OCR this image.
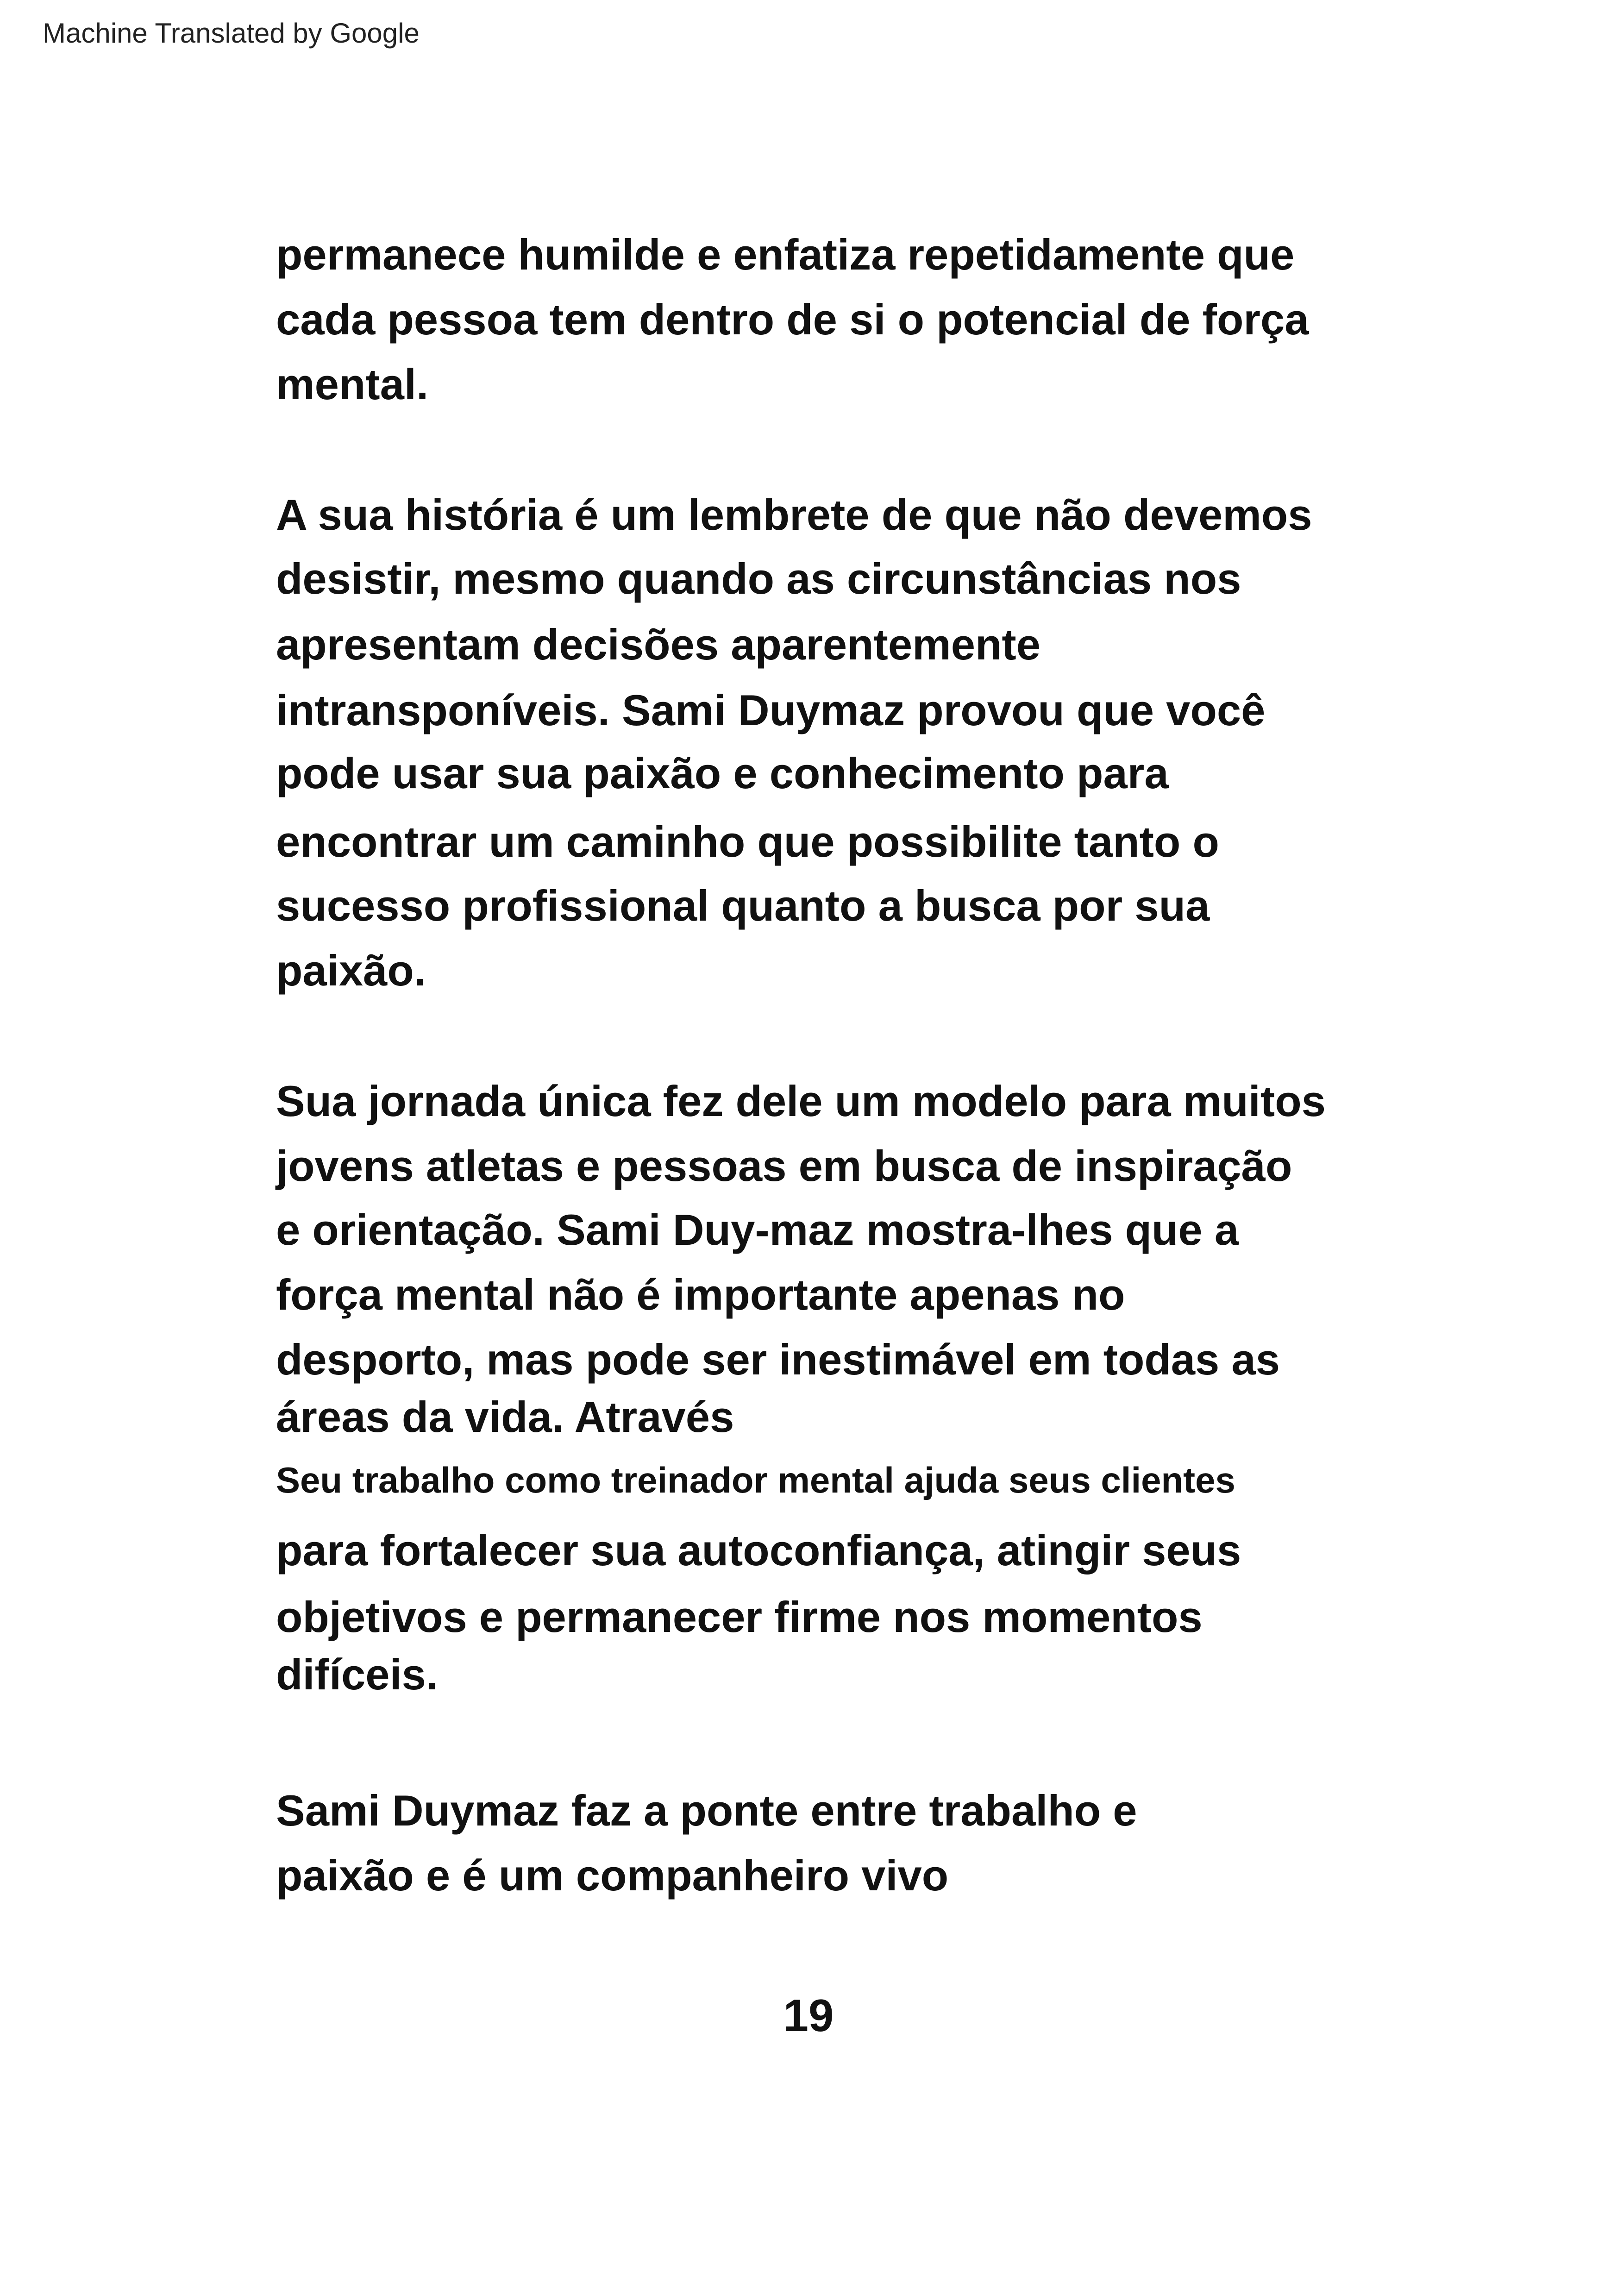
Machine Translated by Google

permanece humilde e enfatiza repetidamente que

cada pessoa tem dentro de si o potencial de força

mental.

A sua história é um lembrete de que não devemos

desistir, mesmo quando as circunstâncias nos

apresentam decisões aparentemente

intransponíveis. Sami Duymaz provou que você

pode usar sua paixão e conhecimento para

encontrar um caminho que possibilite tanto o

sucesso profissional quanto a busca por sua

paixão.

Sua jornada única fez dele um modelo para muitos

jovens atletas e pessoas em busca de inspiração

e orientação. Sami Duy-maz mostra-lhes que a

força mental não é importante apenas no

desporto, mas pode ser inestimável em todas as

áreas da vida. Através

Seu trabalho como treinador mental ajuda seus clientes

para fortalecer sua autoconfiança, atingir seus

objetivos e permanecer firme nos momentos

difíceis.

Sami Duymaz faz a ponte entre trabalho e

paixão e é um companheiro vivo

19
